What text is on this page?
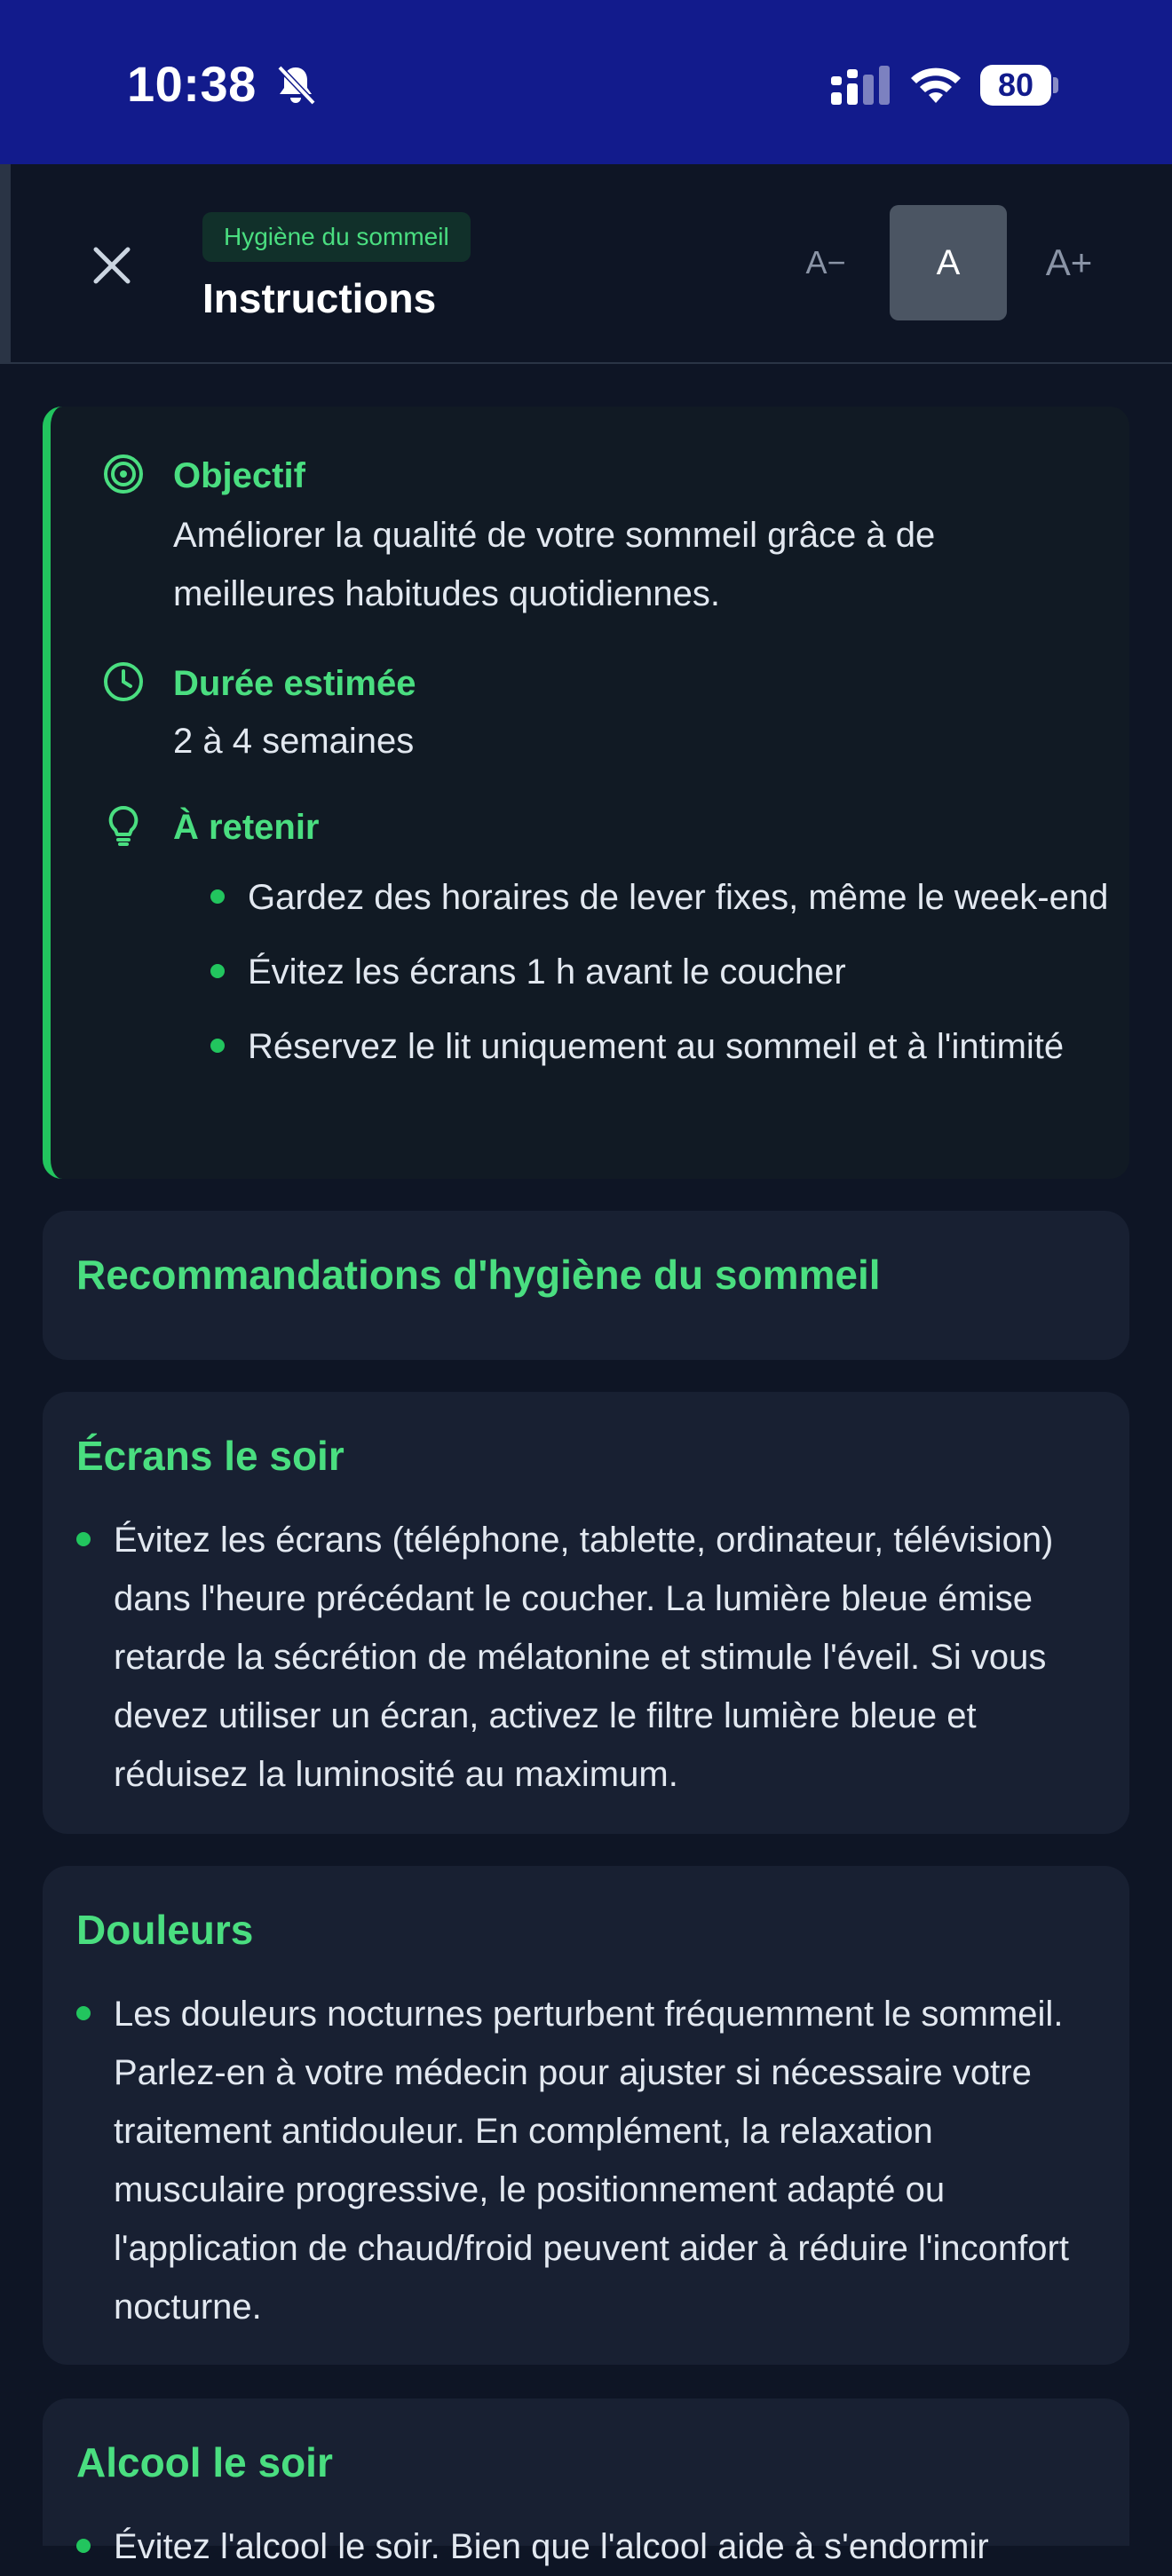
10:38	80
Hygiène du sommeil
Instructions
A−	A	A+
Objectif
Améliorer la qualité de votre sommeil grâce à de meilleures habitudes quotidiennes.
Durée estimée
2 à 4 semaines
À retenir
Gardez des horaires de lever fixes, même le week-end
Évitez les écrans 1 h avant le coucher
Réservez le lit uniquement au sommeil et à l'intimité
Recommandations d'hygiène du sommeil
Écrans le soir
Évitez les écrans (téléphone, tablette, ordinateur, télévision) dans l'heure précédant le coucher. La lumière bleue émise retarde la sécrétion de mélatonine et stimule l'éveil. Si vous devez utiliser un écran, activez le filtre lumière bleue et réduisez la luminosité au maximum.
Douleurs
Les douleurs nocturnes perturbent fréquemment le sommeil. Parlez-en à votre médecin pour ajuster si nécessaire votre traitement antidouleur. En complément, la relaxation musculaire progressive, le positionnement adapté ou l'application de chaud/froid peuvent aider à réduire l'inconfort nocturne.
Alcool le soir
Évitez l'alcool le soir. Bien que l'alcool aide à s'endormir
